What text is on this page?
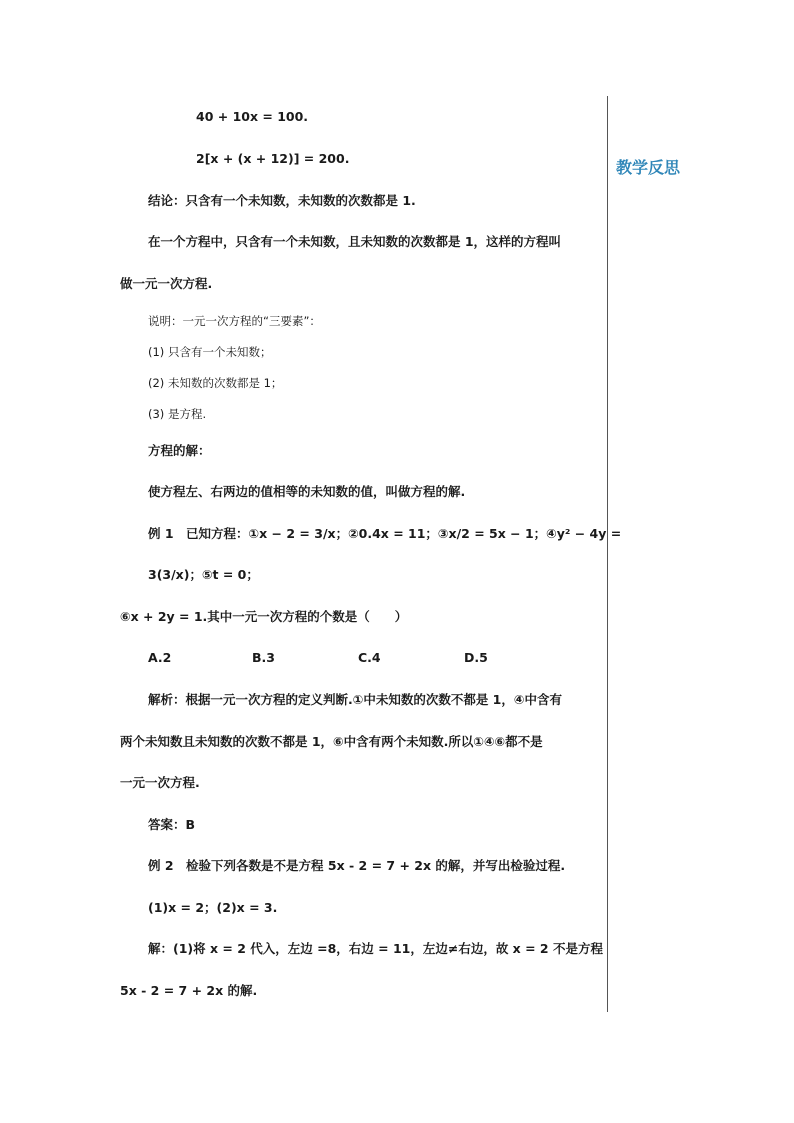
教学反思
40 + 10x = 100.
2[x + (x + 12)] = 200.
结论：只含有一个未知数，未知数的次数都是 1.
在一个方程中，只含有一个未知数，且未知数的次数都是 1，这样的方程叫
做一元一次方程.
说明：一元一次方程的“三要素”：
(1) 只含有一个未知数；
(2) 未知数的次数都是 1；
(3) 是方程.
方程的解：
使方程左、右两边的值相等的未知数的值，叫做方程的解.
例 1　已知方程：①x − 2 = 3/x；②0.4x = 11；③x/2 = 5x − 1；④y² − 4y =
3(3/x)；⑤t = 0；
⑥x + 2y = 1.其中一元一次方程的个数是（　　）
A.2	B.3	C.4	D.5
解析：根据一元一次方程的定义判断.①中未知数的次数不都是 1，④中含有
两个未知数且未知数的次数不都是 1，⑥中含有两个未知数.所以①④⑥都不是
一元一次方程.
答案：B
例 2　检验下列各数是不是方程 5x - 2 = 7 + 2x 的解，并写出检验过程.
(1)x = 2；(2)x = 3.
解：(1)将 x = 2 代入，左边 =8，右边 = 11，左边≠右边，故 x = 2 不是方程
5x - 2 = 7 + 2x 的解.
